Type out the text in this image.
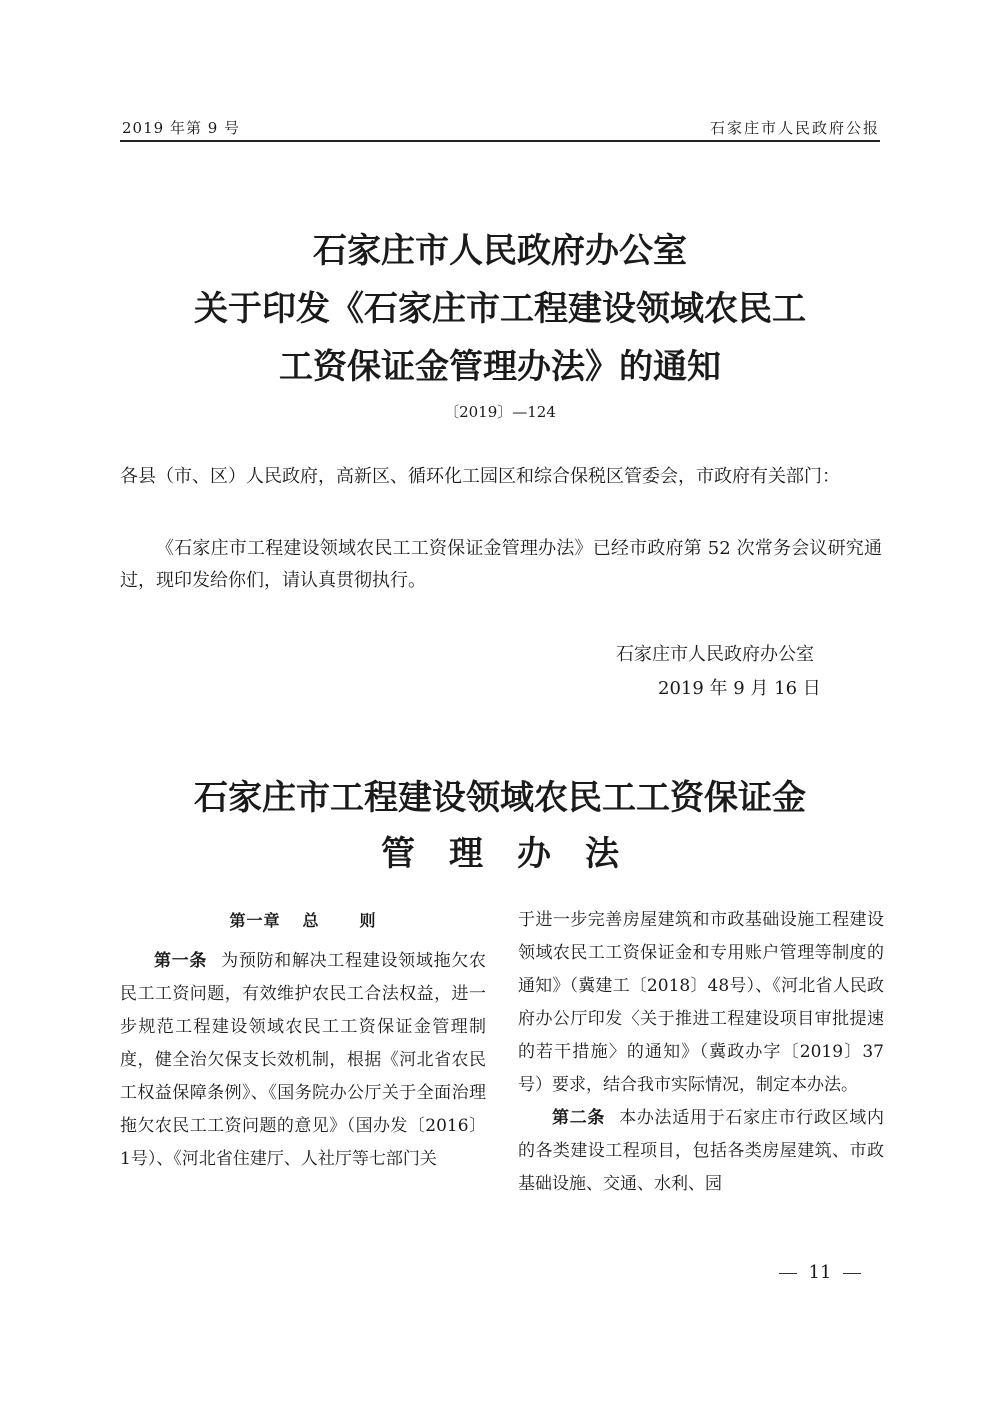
2019 年第 9 号	石家庄市人民政府公报
石家庄市人民政府办公室
关于印发《石家庄市工程建设领域农民工
工资保证金管理办法》的通知
〔2019〕—124
各县（市、区）人民政府，高新区、循环化工园区和综合保税区管委会，市政府有关部门：
《石家庄市工程建设领域农民工工资保证金管理办法》已经市政府第 52 次常务会议研究通过，现印发给你们，请认真贯彻执行。
石家庄市人民政府办公室
2019 年 9 月 16 日
石家庄市工程建设领域农民工工资保证金
管理办法
第一章 总	则
第一条 为预防和解决工程建设领域拖欠农民工工资问题，有效维护农民工合法权益，进一步规范工程建设领域农民工工资保证金管理制度，健全治欠保支长效机制，根据《河北省农民工权益保障条例》、《国务院办公厅关于全面治理拖欠农民工工资问题的意见》（国办发〔2016〕1号）、《河北省住建厅、人社厅等七部门关
于进一步完善房屋建筑和市政基础设施工程建设领域农民工工资保证金和专用账户管理等制度的通知》（冀建工〔2018〕48号）、《河北省人民政府办公厅印发〈关于推进工程建设项目审批提速的若干措施〉的通知》（冀政办字〔2019〕37 号）要求，结合我市实际情况，制定本办法。
第二条 本办法适用于石家庄市行政区域内的各类建设工程项目，包括各类房屋建筑、市政基础设施、交通、水利、园
11
